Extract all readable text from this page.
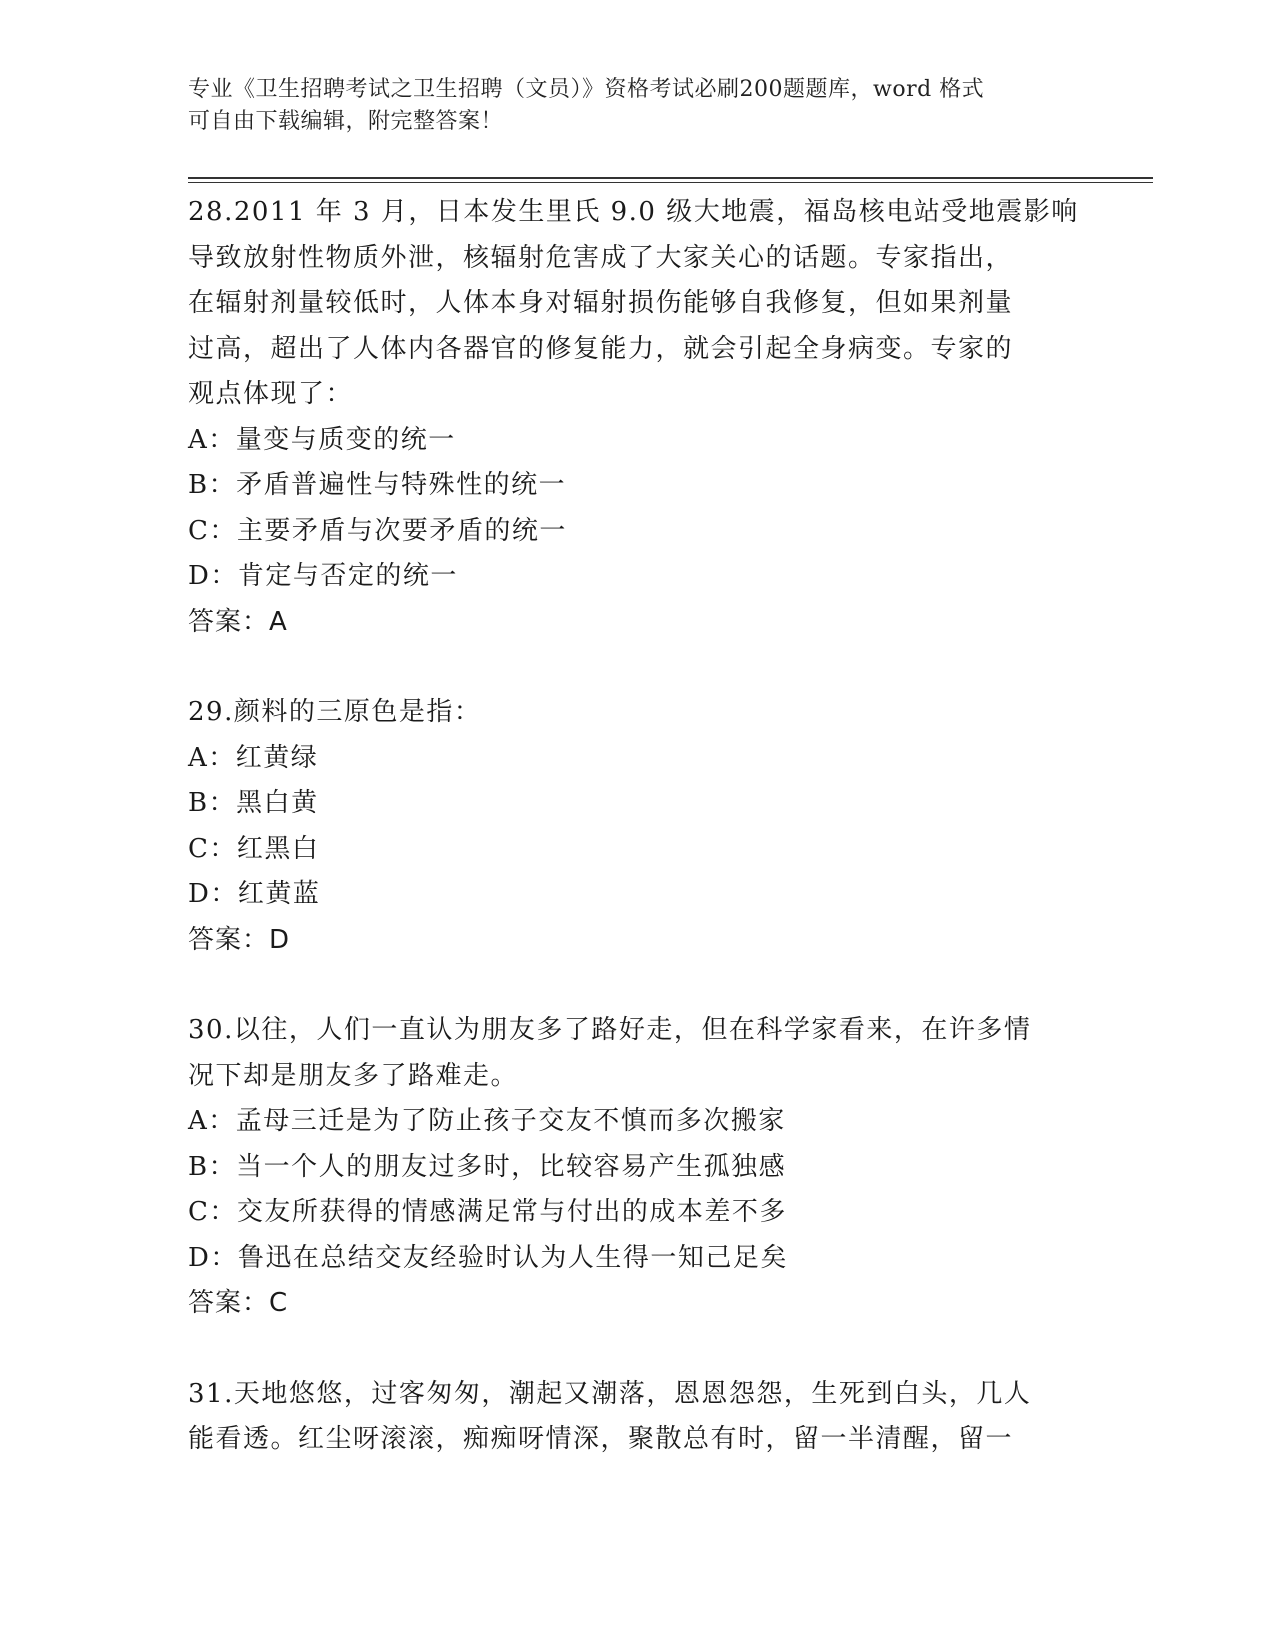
专业《卫生招聘考试之卫生招聘（文员）》资格考试必刷200题题库，word 格式
可自由下载编辑，附完整答案！
28.2011 年 3 月，日本发生里氏 9.0 级大地震，福岛核电站受地震影响
导致放射性物质外泄，核辐射危害成了大家关心的话题。专家指出，
在辐射剂量较低时，人体本身对辐射损伤能够自我修复，但如果剂量
过高，超出了人体内各器官的修复能力，就会引起全身病变。专家的
观点体现了：
A：量变与质变的统一
B：矛盾普遍性与特殊性的统一
C：主要矛盾与次要矛盾的统一
D：肯定与否定的统一
答案：A
29.颜料的三原色是指：
A：红黄绿
B：黑白黄
C：红黑白
D：红黄蓝
答案：D
30.以往，人们一直认为朋友多了路好走，但在科学家看来，在许多情
况下却是朋友多了路难走。
A：孟母三迁是为了防止孩子交友不慎而多次搬家
B：当一个人的朋友过多时，比较容易产生孤独感
C：交友所获得的情感满足常与付出的成本差不多
D：鲁迅在总结交友经验时认为人生得一知己足矣
答案：C
31.天地悠悠，过客匆匆，潮起又潮落，恩恩怨怨，生死到白头，几人
能看透。红尘呀滚滚，痴痴呀情深，聚散总有时，留一半清醒，留一
